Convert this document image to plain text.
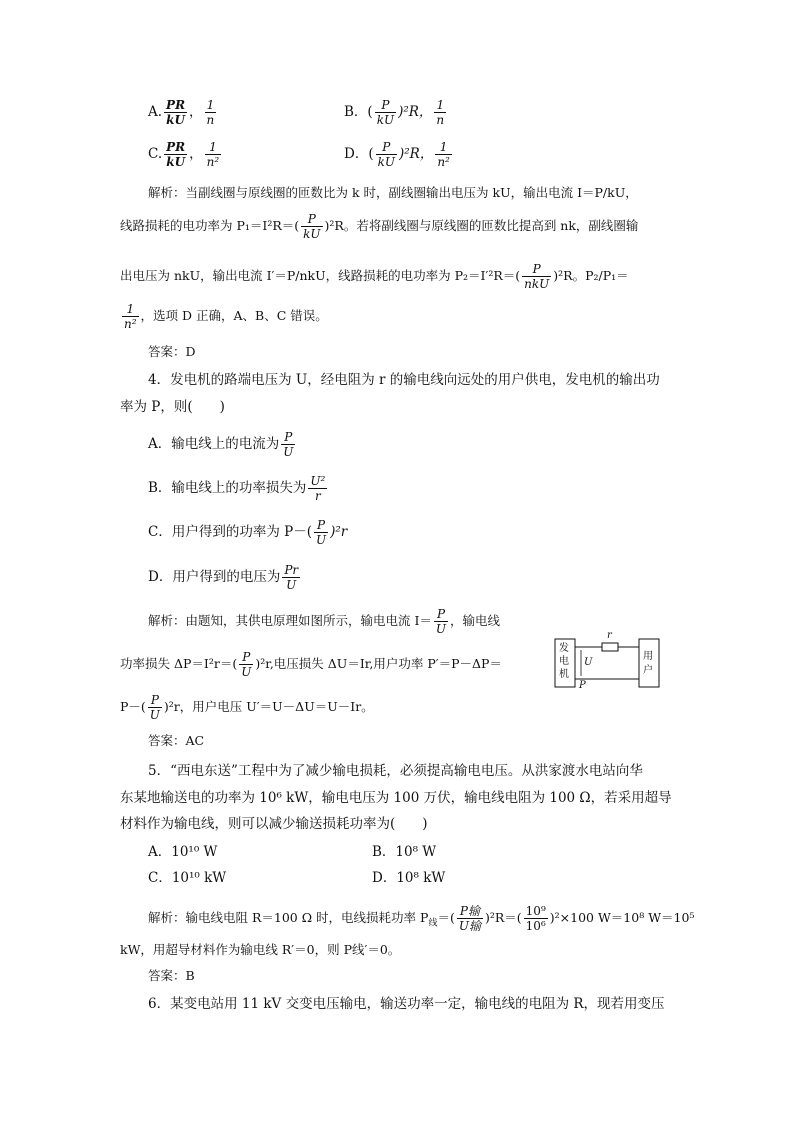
A. $\frac{PR}{kU}$ ， $\frac{1}{n}$	B．( $\frac{P}{kU} )^2R$， $\frac{1}{n}$
C. $\frac{PR}{kU}$ ， $\frac{1}{\text{n²}}$	D．( $\frac{P}{kU} )^2R$， $\frac{1}{\text{n²}}$
解析：当副线圈与原线圈的匝数比为 k 时，副线圈输出电压为 kU，输出电流 I＝P/kU，
线路损耗的电功率为 $P_1=I^2R=( \frac{P}{kU} )^2R$。若将副线圈与原线圈的匝数比提高到 nk，副线圈输
出电压为 nkU，输出电流 I′＝P/nkU，线路损耗的电功率为 $P_2=I'^2R=( \frac{P}{\text{nkU}} )^2R$。P₂/P₁＝
$\frac{1}{\text{n²}}$ ，选项 D 正确，A、B、C 错误。
答案：D
4．发电机的路端电压为 U，经电阻为 r 的输电线向远处的用户供电，发电机的输出功
率为 P，则(　　)
A．输电线上的电流为 $\frac{P}{U}$
B．输电线上的功率损失为 $\frac{\text{U²}}{r}$
C．用户得到的功率为 $P-( \frac{P}{U} )^2r$
D．用户得到的电压为 $\frac{Pr}{U}$
解析：由题知，其供电原理如图所示，输电电流 $I= \frac{P}{U}$ ，输电线
功率损失 $\Delta P=I^2r=( \frac{P}{U} )^2r$,电压损失 ΔU＝Ir,用户功率 P′＝P－ΔP＝
$P-( \frac{P}{U} )^2r$，用户电压 U′＝U－ΔU＝U－Ir。
发电机
用户
r
U
P
答案：AC
5．“西电东送”工程中为了减少输电损耗，必须提高输电电压。从洪家渡水电站向华
东某地输送电的功率为 10⁶ kW，输电电压为 100 万伏，输电线电阻为 100 Ω，若采用超导
材料作为输电线，则可以减少输送损耗功率为(　　)
A．10¹⁰ W	B．10⁸ W
C．10¹⁰ kW	D．10⁸ kW
解析：输电线电阻 R＝100 Ω 时，电线损耗功率 $P_线=( \frac{\text{P输}}{\text{U输}} )^2R=( \frac{\text{10⁹}}{\text{10⁶}} )^2\times 100$ W＝10⁸ W＝10⁵
kW，用超导材料作为输电线 R′＝0，则 P线′＝0。
答案：B
6．某变电站用 11 kV 交变电压输电，输送功率一定，输电线的电阻为 R，现若用变压
